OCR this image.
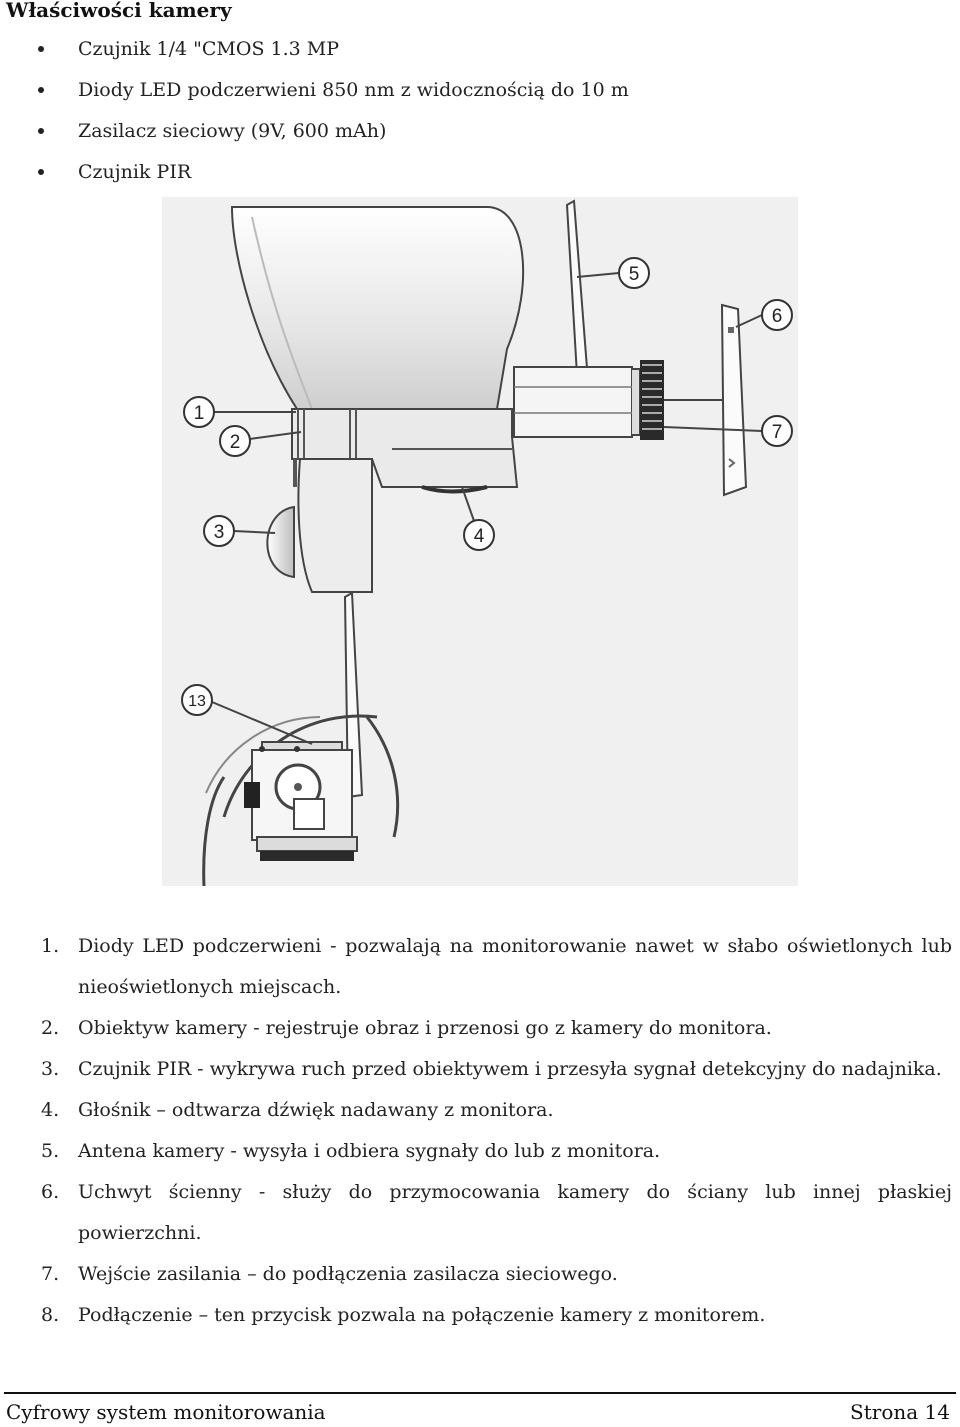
Właściwości kamery
Czujnik 1/4 "CMOS 1.3 MP
Diody LED podczerwieni 850 nm z widocznością do 10 m
Zasilacz sieciowy (9V, 600 mAh)
Czujnik PIR
1
2
3	4
5
6
7
13
1. Diody LED podczerwieni - pozwalają na monitorowanie nawet w słabo oświetlonych lub
nieoświetlonych miejscach.
2. Obiektyw kamery - rejestruje obraz i przenosi go z kamery do monitora.
3. Czujnik PIR - wykrywa ruch przed obiektywem i przesyła sygnał detekcyjny do nadajnika.
4. Głośnik – odtwarza dźwięk nadawany z monitora.
5. Antena kamery - wysyła i odbiera sygnały do lub z monitora.
6. Uchwyt ścienny - służy do przymocowania kamery do ściany lub innej płaskiej
powierzchni.
7. Wejście zasilania – do podłączenia zasilacza sieciowego.
8. Podłączenie – ten przycisk pozwala na połączenie kamery z monitorem.
Cyfrowy system monitorowania	Strona 14
